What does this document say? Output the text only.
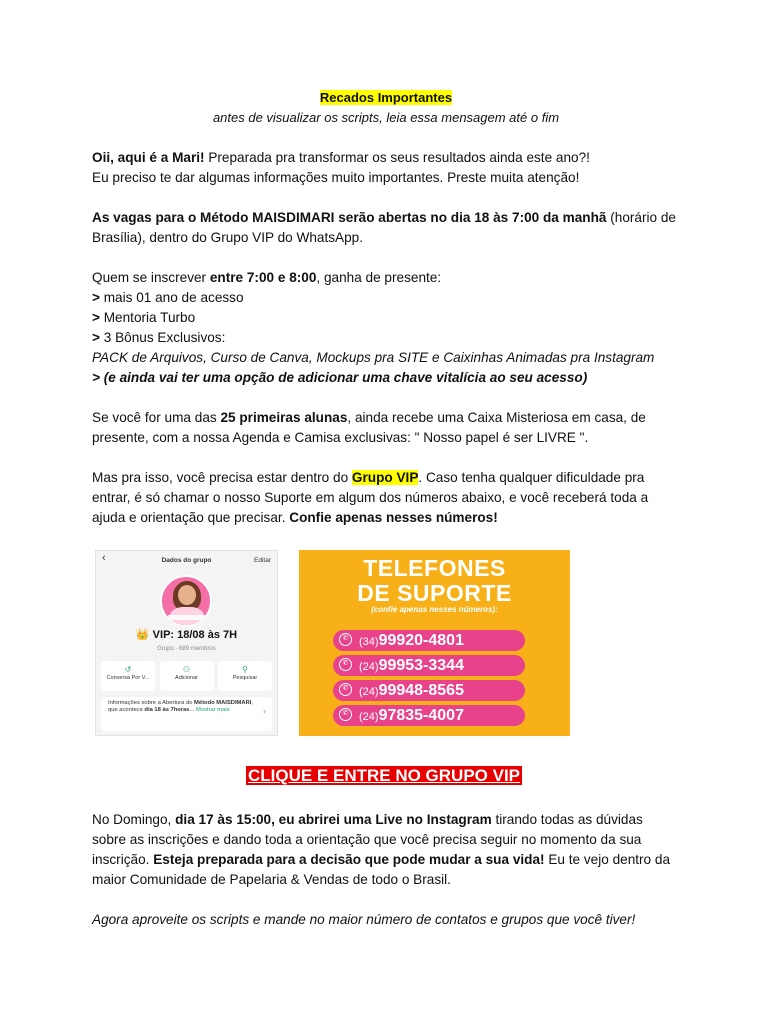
Recados Importantes

antes de visualizar os scripts, leia essa mensagem até o fim

Oii, aqui é a Mari! Preparada pra transformar os seus resultados ainda este ano?!

Eu preciso te dar algumas informações muito importantes. Preste muita atenção!

As vagas para o Método MAISDIMARI serão abertas no dia 18 às 7:00 da manhã (horário de Brasília), dentro do Grupo VIP do WhatsApp.

Quem se inscrever entre 7:00 e 8:00, ganha de presente:

> mais 01 ano de acesso

> Mentoria Turbo

> 3 Bônus Exclusivos:

PACK de Arquivos, Curso de Canva, Mockups pra SITE e Caixinhas Animadas pra Instagram

> (e ainda vai ter uma opção de adicionar uma chave vitalícia ao seu acesso)

Se você for uma das 25 primeiras alunas, ainda recebe uma Caixa Misteriosa em casa, de presente, com a nossa Agenda e Camisa exclusivas: " Nosso papel é ser LIVRE ".

Mas pra isso, você precisa estar dentro do Grupo VIP. Caso tenha qualquer dificuldade pra entrar, é só chamar o nosso Suporte em algum dos números abaixo, e você receberá toda a ajuda e orientação que precisar. Confie apenas nesses números!

‹	Dados do grupo	Editar
👑 VIP: 18/08 às 7H
Grupo · 689 membros
↺
Conversa Por V...
⚇
Adicionar
⚲
Pesquisar
Informações sobre a Abertura do Método MAISDIMARI, que acontece dia 18 às 7horas... Mostrar mais	›
TELEFONES
DE SUPORTE
(confie apenas nesses números):
✆ (34)99920-4801
✆ (24)99953-3344
✆ (24)99948-8565
✆ (24)97835-4007
CLIQUE E ENTRE NO GRUPO VIP

No Domingo, dia 17 às 15:00, eu abrirei uma Live no Instagram tirando todas as dúvidas sobre as inscrições e dando toda a orientação que você precisa seguir no momento da sua inscrição. Esteja preparada para a decisão que pode mudar a sua vida! Eu te vejo dentro da maior Comunidade de Papelaria & Vendas de todo o Brasil.

Agora aproveite os scripts e mande no maior número de contatos e grupos que você tiver!
